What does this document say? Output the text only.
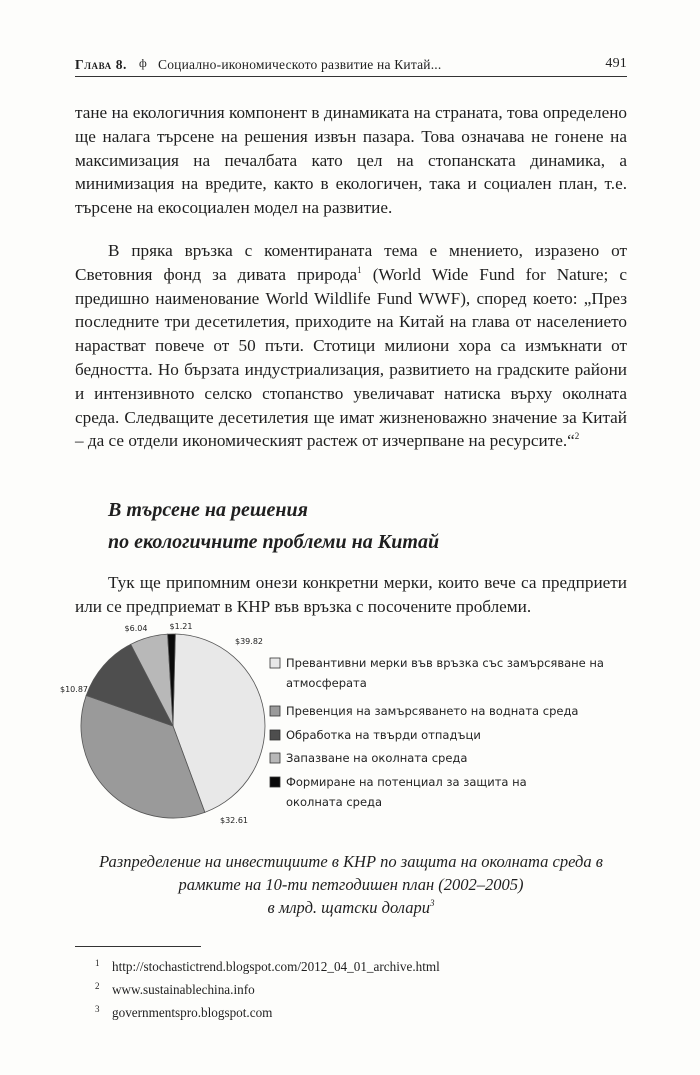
Глава 8. ф Социално-икономическото развитие на Китай...	491

тане на екологичния компонент в динамиката на страната, това определено ще налага търсене на решения извън пазара. Това означава не гонене на максимизация на печалбата като цел на стопанската динамика, а минимизация на вредите, както в екологичен, така и социален план, т.е. търсене на екосоциален модел на развитие.

В пряка връзка с коментираната тема е мнението, изразено от Световния фонд за дивата природа$^1$ (World Wide Fund for Nature; с предишно наименование World Wildlife Fund WWF), според което: „През последните три десетилетия, приходите на Китай на глава от населението нарастват повече от 50 пъти. Стотици милиони хора са измъкнати от бедността. Но бързата индустриализация, развитието на градските райони и интензивното селско стопанство увеличават натиска върху околната среда. Следващите десетилетия ще имат жизненоважно значение за Китай – да се отдели икономическият растеж от изчерпване на ресурсите.“$^2$

В търсене на решения
по екологичните проблеми на Китай

Тук ще припомним онези конкретни мерки, които вече са предприети или се предприемат в КНР във връзка с посочените проблеми.

$39.82
$32.61
$10.87
$6.04	$1.21
Превантивни мерки във връзка със замърсяване на
атмосферата
Превенция на замърсяването на водната среда
Обработка на твърди отпадъци
Запазване на околната среда
Формиране на потенциал за защита на
околната среда
Разпределение на инвестициите в КНР по защита на околната среда в
рамките на 10-ти петгодишен план (2002–2005)
в млрд. щатски долари$^3$
1 http://stochastictrend.blogspot.com/2012_04_01_archive.html
2 www.sustainablechina.info
3 governmentspro.blogspot.com
